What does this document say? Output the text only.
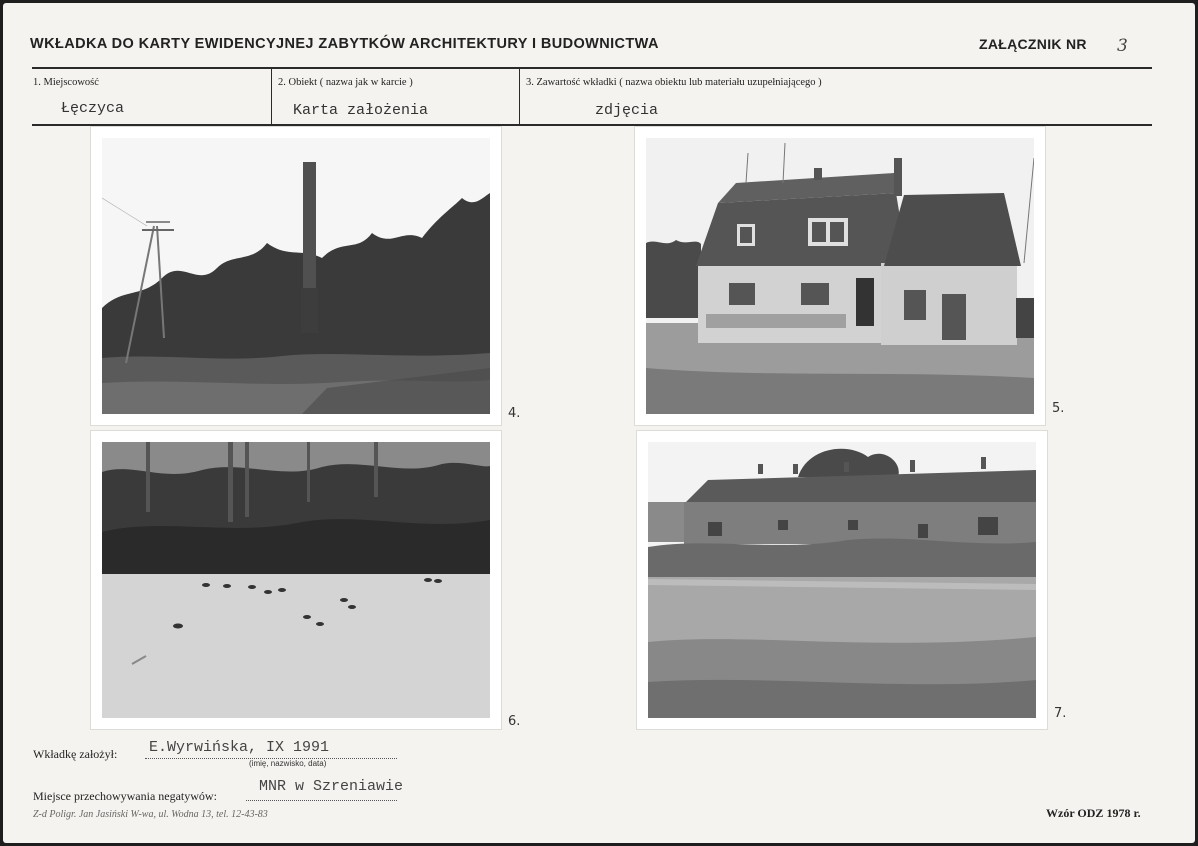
WKŁADKA DO KARTY EWIDENCYJNEJ ZABYTKÓW ARCHITEKTURY I BUDOWNICTWA	ZAŁĄCZNIK NR 3
1. Miejscowość
Łęczyca
2. Obiekt ( nazwa jak w karcie )
Karta założenia
3. Zawartość wkładki ( nazwa obiektu lub materiału uzupełniającego )
zdjęcia
4.	5.
6.
7.
Wkładkę założył: E.Wyrwińska, IX 1991
(imię, nazwisko, data)
Miejsce przechowywania negatywów:
MNR w Szreniawie
Z-d Poligr. Jan Jasiński W-wa, ul. Wodna 13, tel. 12-43-83	Wzór ODZ 1978 r.
